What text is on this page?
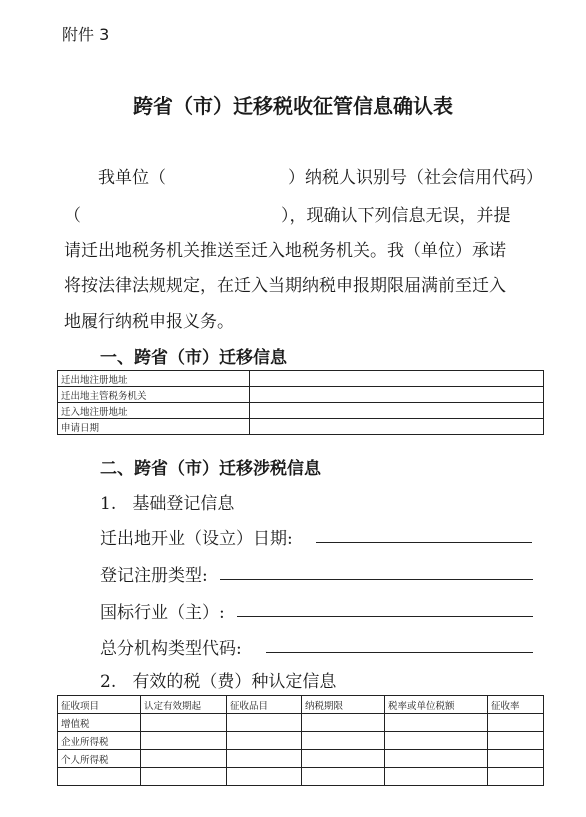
附件 3
跨省（市）迁移税收征管信息确认表
我单位（	）纳税人识别号（社会信用代码）
（	），现确认下列信息无误，并提
请迁出地税务机关推送至迁入地税务机关。我（单位）承诺
将按法律法规规定，在迁入当期纳税申报期限届满前至迁入
地履行纳税申报义务。
一、跨省（市）迁移信息
迁出地注册地址	
迁出地主管税务机关	
迁入地注册地址	
申请日期	
二、跨省（市）迁移涉税信息
1.   基础登记信息
迁出地开业（设立）日期:
登记注册类型:
国标行业（主）:
总分机构类型代码:
2.   有效的税（费）种认定信息
征收项目	认定有效期起	征收品目	纳税期限	税率或单位税额	征收率
增值税					
企业所得税					
个人所得税					
